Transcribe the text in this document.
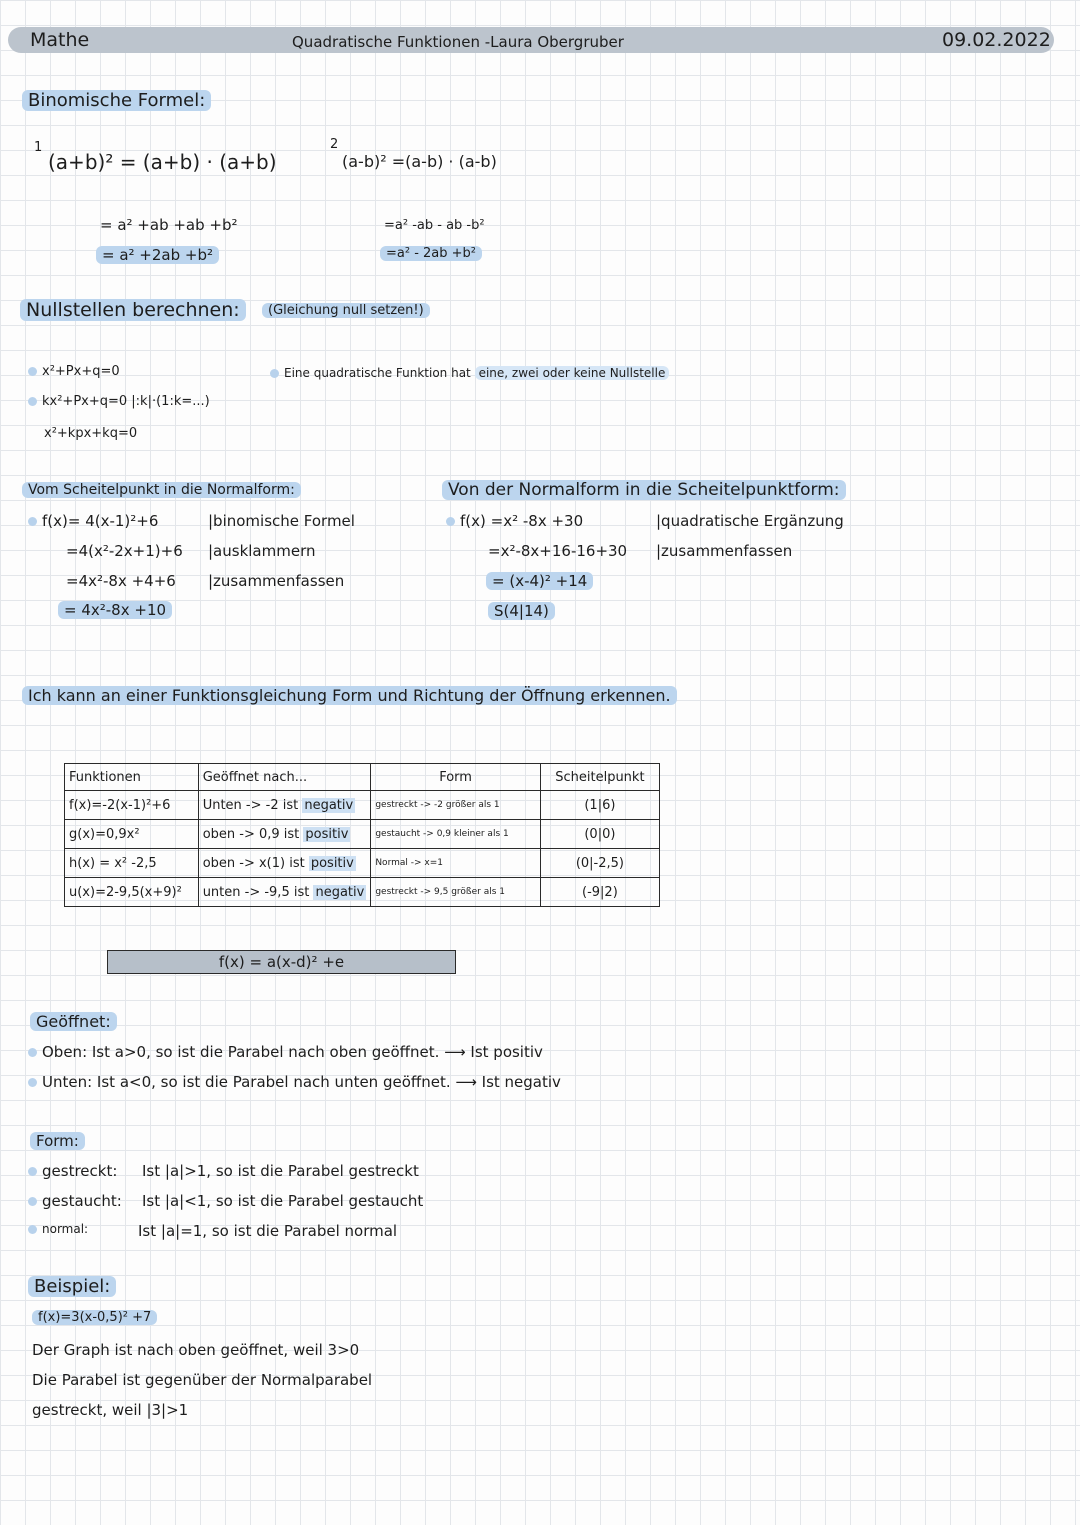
Mathe	Quadratische Funktionen -Laura Obergruber	09.02.2022
Binomische Formel:
1
(a+b)² = (a+b) · (a+b)
= a² +ab +ab +b²
= a² +2ab +b²
2
(a-b)² =(a-b) · (a-b)
=a² -ab - ab -b²
=a² - 2ab +b²
Nullstellen berechnen:	(Gleichung null setzen!)
x²+Px+q=0
kx²+Px+q=0 |:k|·(1:k=...)
x²+kpx+kq=0
Eine quadratische Funktion hat eine, zwei oder keine Nullstelle
Vom Scheitelpunkt in die Normalform:
f(x)= 4(x-1)²+6	|binomische Formel
=4(x²-2x+1)+6 |ausklammern
=4x²-8x +4+6 |zusammenfassen
= 4x²-8x +10
Von der Normalform in die Scheitelpunktform:
f(x) =x² -8x +30	|quadratische Ergänzung
=x²-8x+16-16+30 |zusammenfassen
= (x-4)² +14
S(4|14)
Ich kann an einer Funktionsgleichung Form und Richtung der Öffnung erkennen.
Funktionen	Geöffnet nach...	Form	Scheitelpunkt
f(x)=-2(x-1)²+6	Unten -> -2 ist negativ	gestreckt -> -2 größer als 1	(1|6)
g(x)=0,9x²	oben -> 0,9 ist positiv	gestaucht -> 0,9 kleiner als 1	(0|0)
h(x) = x² -2,5	oben -> x(1) ist positiv	Normal -> x=1	(0|-2,5)
u(x)=2-9,5(x+9)²	unten -> -9,5 ist negativ	gestreckt -> 9,5 größer als 1	(-9|2)
f(x) = a(x-d)² +e
Geöffnet:
Oben: Ist a>0, so ist die Parabel nach oben geöffnet. ⟶ Ist positiv
Unten: Ist a<0, so ist die Parabel nach unten geöffnet. ⟶ Ist negativ
Form:
gestreckt: Ist |a|>1, so ist die Parabel gestreckt
gestaucht: Ist |a|<1, so ist die Parabel gestaucht
normal:	Ist |a|=1, so ist die Parabel normal
Beispiel:
f(x)=3(x-0,5)² +7
Der Graph ist nach oben geöffnet, weil 3>0
Die Parabel ist gegenüber der Normalparabel
gestreckt, weil |3|>1
